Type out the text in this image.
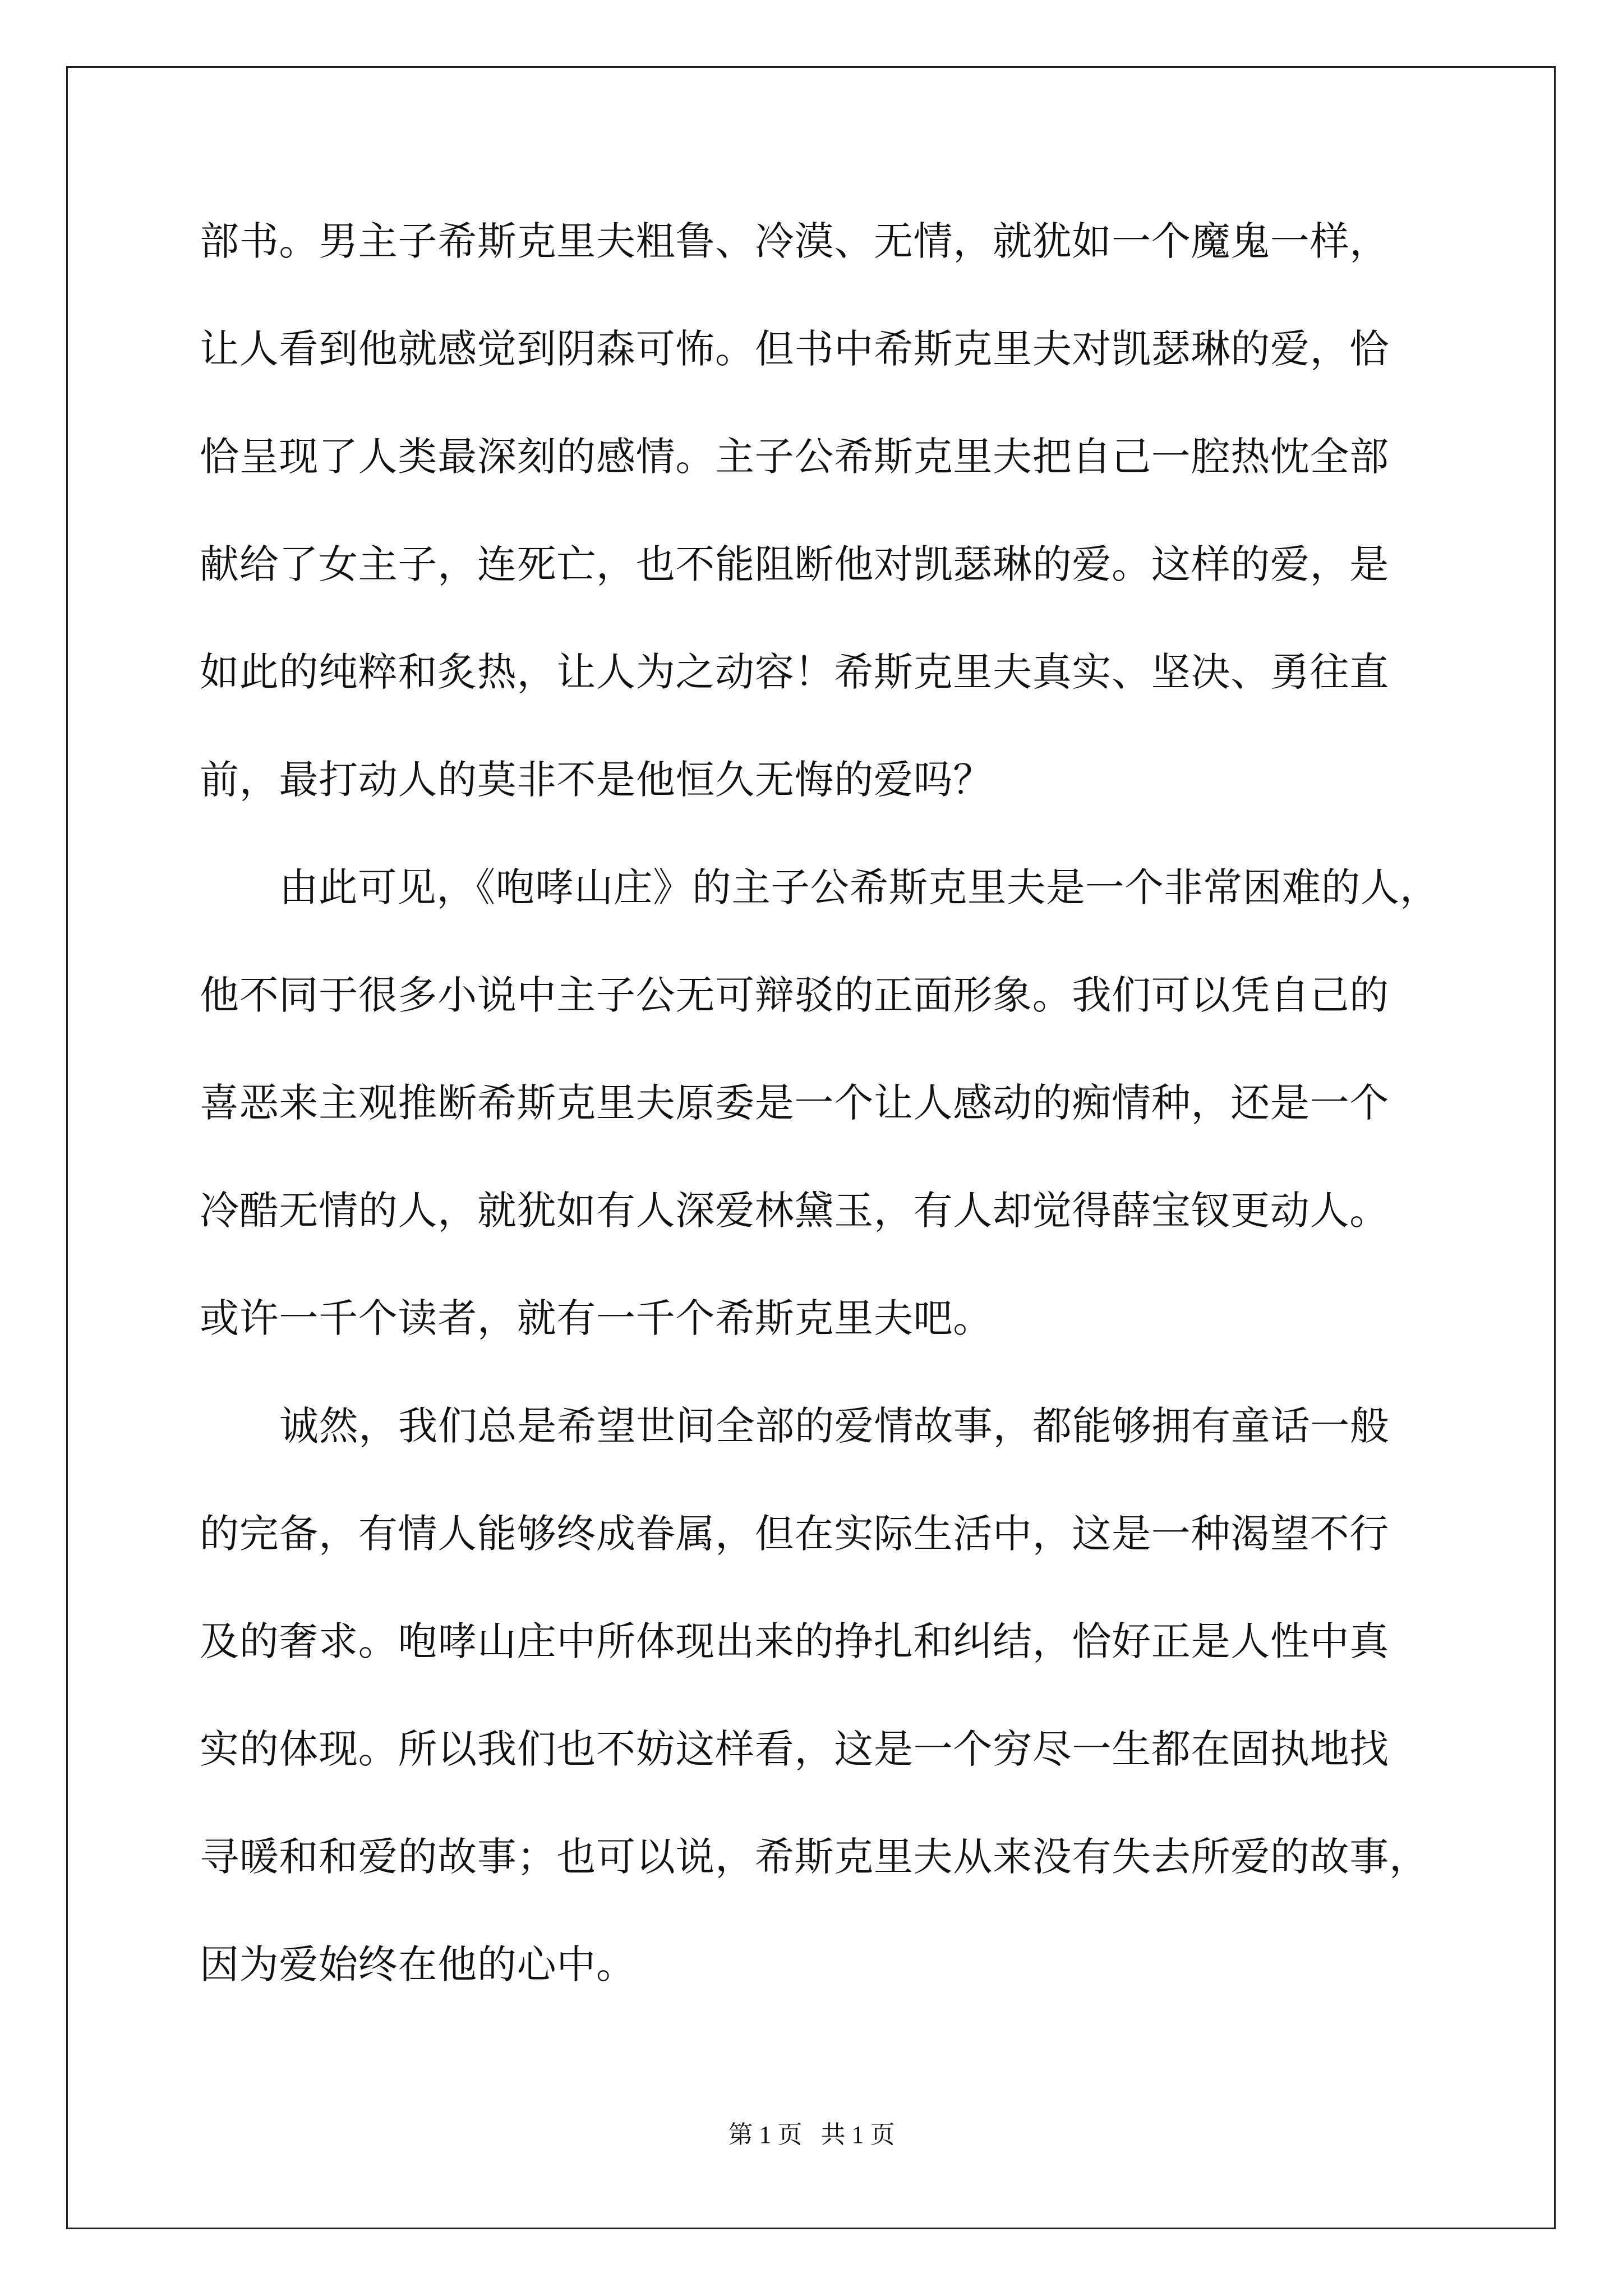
部书。男主子希斯克里夫粗鲁、冷漠、无情，就犹如一个魔鬼一样，
让人看到他就感觉到阴森可怖。但书中希斯克里夫对凯瑟琳的爱，恰
恰呈现了人类最深刻的感情。主子公希斯克里夫把自己一腔热忱全部
献给了女主子，连死亡，也不能阻断他对凯瑟琳的爱。这样的爱，是
如此的纯粹和炙热，让人为之动容！希斯克里夫真实、坚决、勇往直
前，最打动人的莫非不是他恒久无悔的爱吗？
由此可见，《咆哮山庄》的主子公希斯克里夫是一个非常困难的人，
他不同于很多小说中主子公无可辩驳的正面形象。我们可以凭自己的
喜恶来主观推断希斯克里夫原委是一个让人感动的痴情种，还是一个
冷酷无情的人，就犹如有人深爱林黛玉，有人却觉得薛宝钗更动人。
或许一千个读者，就有一千个希斯克里夫吧。
诚然，我们总是希望世间全部的爱情故事，都能够拥有童话一般
的完备，有情人能够终成眷属，但在实际生活中，这是一种渴望不行
及的奢求。咆哮山庄中所体现出来的挣扎和纠结，恰好正是人性中真
实的体现。所以我们也不妨这样看，这是一个穷尽一生都在固执地找
寻暖和和爱的故事；也可以说，希斯克里夫从来没有失去所爱的故事，
因为爱始终在他的心中。
第 1 页   共 1 页
